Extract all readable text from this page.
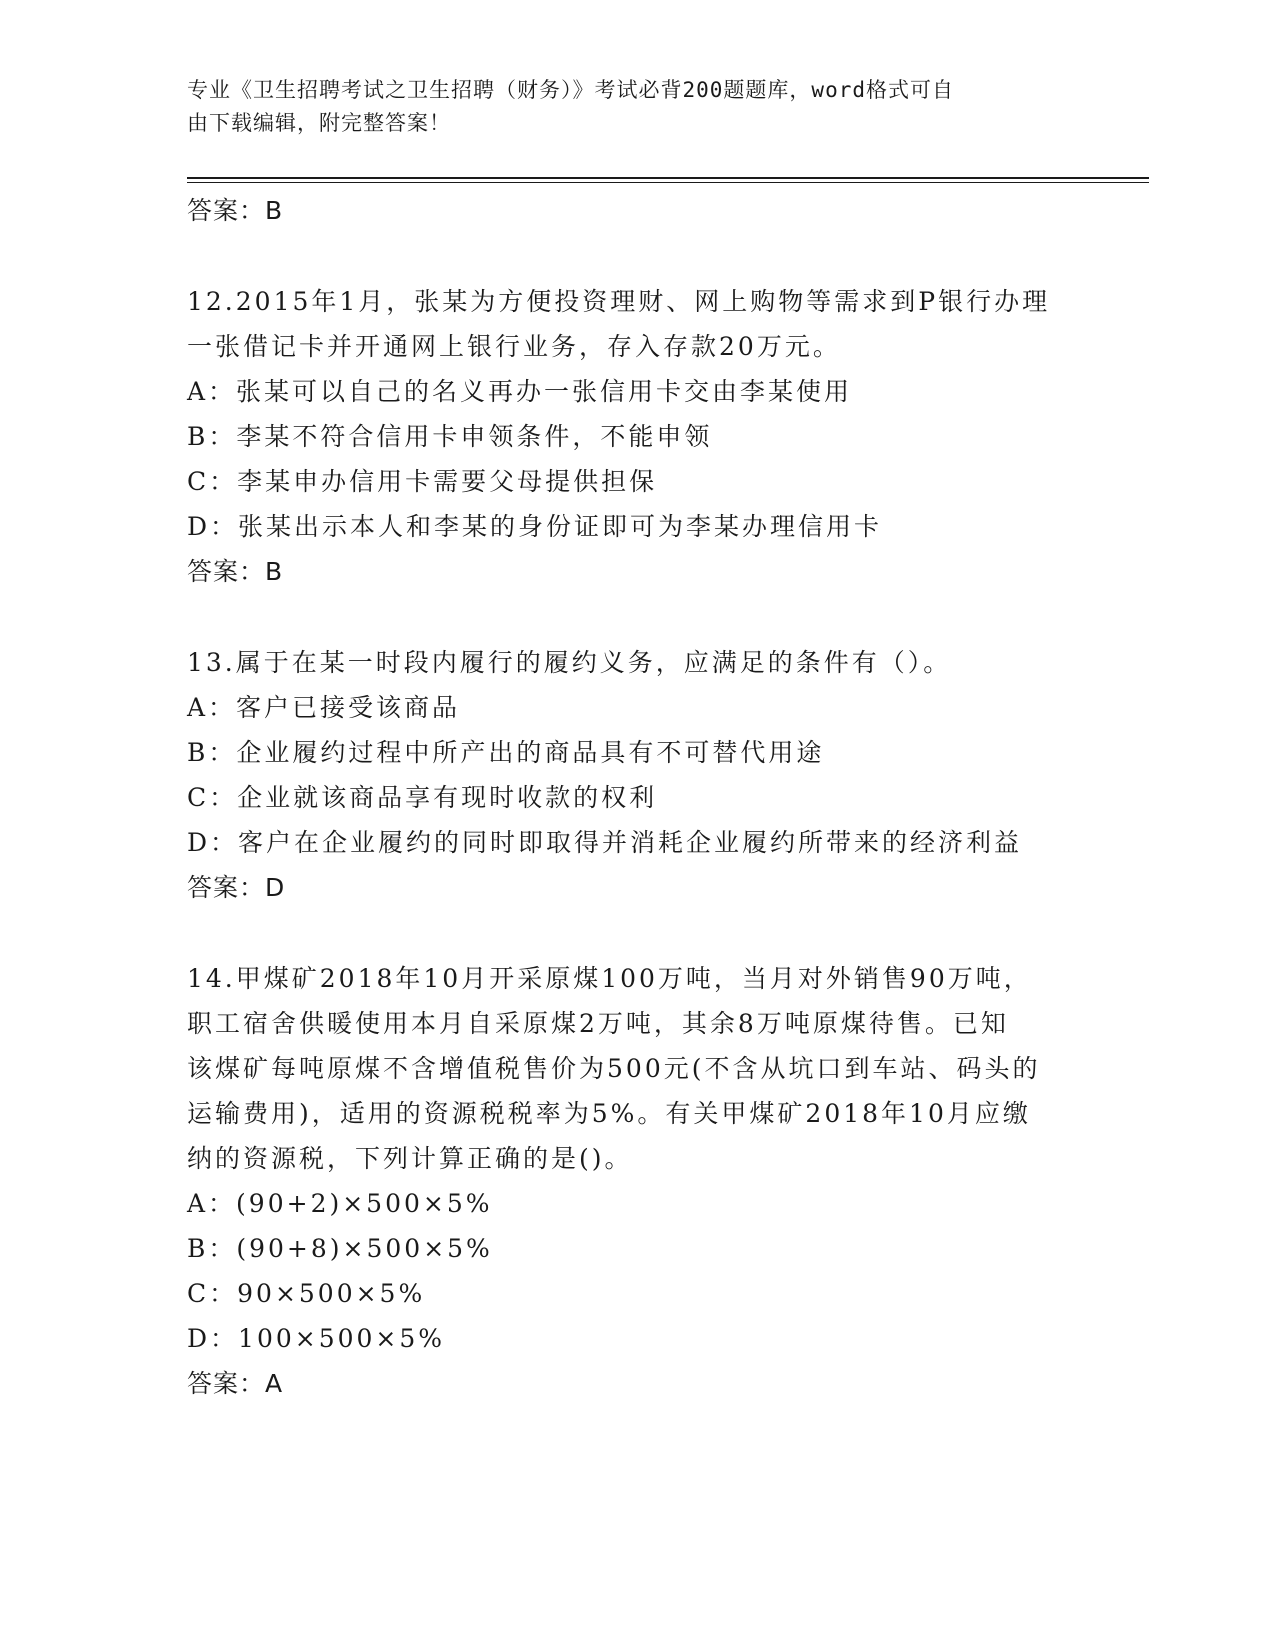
专业《卫生招聘考试之卫生招聘（财务）》考试必背200题题库，word格式可自
由下载编辑，附完整答案！
答案：B
12.2015年1月，张某为方便投资理财、网上购物等需求到P银行办理
一张借记卡并开通网上银行业务，存入存款20万元。
A：张某可以自己的名义再办一张信用卡交由李某使用
B：李某不符合信用卡申领条件，不能申领
C：李某申办信用卡需要父母提供担保
D：张某出示本人和李某的身份证即可为李某办理信用卡
答案：B
13.属于在某一时段内履行的履约义务，应满足的条件有（）。
A：客户已接受该商品
B：企业履约过程中所产出的商品具有不可替代用途
C：企业就该商品享有现时收款的权利
D：客户在企业履约的同时即取得并消耗企业履约所带来的经济利益
答案：D
14.甲煤矿2018年10月开采原煤100万吨，当月对外销售90万吨，
职工宿舍供暖使用本月自采原煤2万吨，其余8万吨原煤待售。已知
该煤矿每吨原煤不含增值税售价为500元(不含从坑口到车站、码头的
运输费用)，适用的资源税税率为5%。有关甲煤矿2018年10月应缴
纳的资源税，下列计算正确的是()。
A：(90+2)×500×5%
B：(90+8)×500×5%
C：90×500×5%
D：100×500×5%
答案：A
